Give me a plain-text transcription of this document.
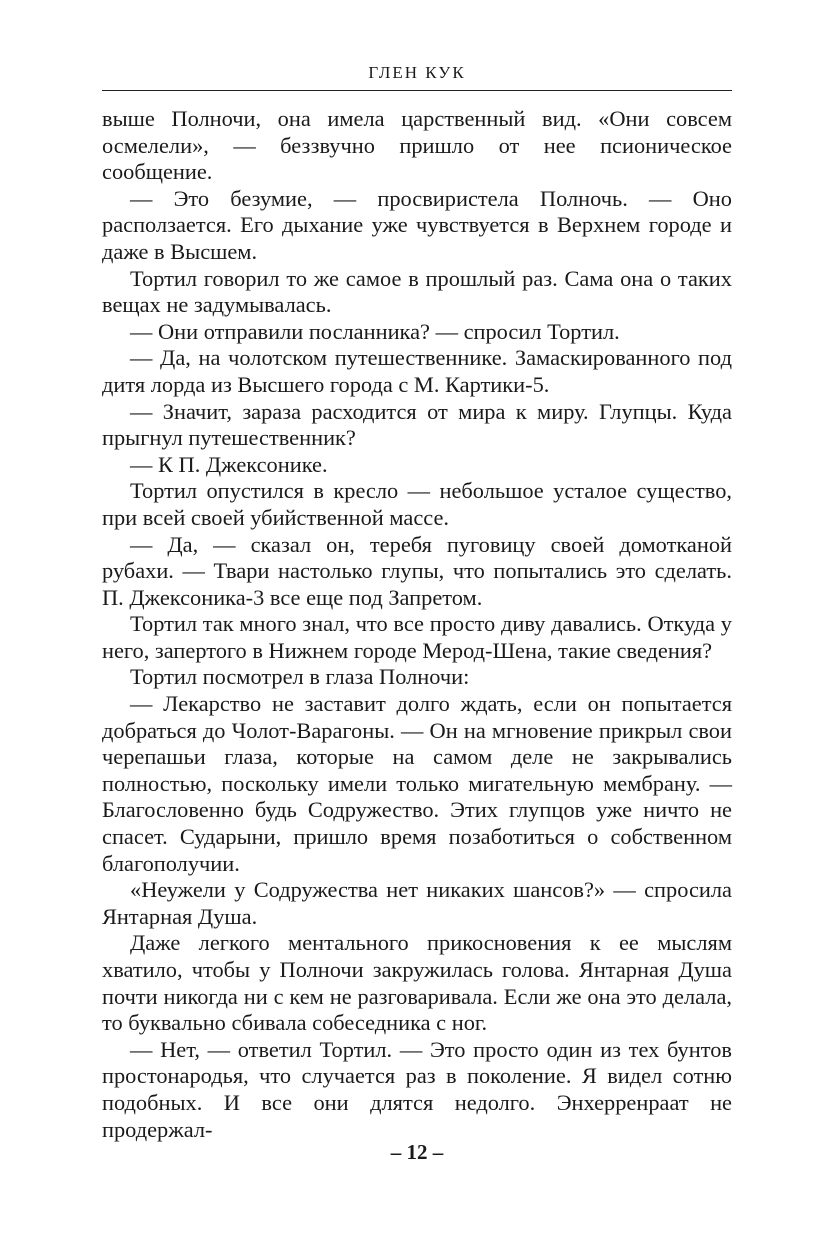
ГЛЕН КУК

выше Полночи, она имела царственный вид. «Они совсем осмелели», — беззвучно пришло от нее псионическое сообщение.

— Это безумие, — просвиристела Полночь. — Оно расползается. Его дыхание уже чувствуется в Верхнем городе и даже в Высшем.

Тортил говорил то же самое в прошлый раз. Сама она о таких вещах не задумывалась.

— Они отправили посланника? — спросил Тортил.

— Да, на чолотском путешественнике. Замаскированного под дитя лорда из Высшего города с М. Картики-5.

— Значит, зараза расходится от мира к миру. Глупцы. Куда прыгнул путешественник?

— К П. Джексонике.

Тортил опустился в кресло — небольшое усталое существо, при всей своей убийственной массе.

— Да, — сказал он, теребя пуговицу своей домотканой рубахи. — Твари настолько глупы, что попытались это сделать. П. Джексоника-3 все еще под Запретом.

Тортил так много знал, что все просто диву давались. Откуда у него, запертого в Нижнем городе Мерод-Шена, такие сведения?

Тортил посмотрел в глаза Полночи:

— Лекарство не заставит долго ждать, если он попытается добраться до Чолот-Варагоны. — Он на мгновение прикрыл свои черепашьи глаза, которые на самом деле не закрывались полностью, поскольку имели только мигательную мембрану. — Благословенно будь Содружество. Этих глупцов уже ничто не спасет. Сударыни, пришло время позаботиться о собственном благополучии.

«Неужели у Содружества нет никаких шансов?» — спросила Янтарная Душа.

Даже легкого ментального прикосновения к ее мыслям хватило, чтобы у Полночи закружилась голова. Янтарная Душа почти никогда ни с кем не разговаривала. Если же она это делала, то буквально сбивала собеседника с ног.

— Нет, — ответил Тортил. — Это просто один из тех бунтов простонародья, что случается раз в поколение. Я видел сотню подобных. И все они длятся недолго. Энхерренраат не продержал-

– 12 –
